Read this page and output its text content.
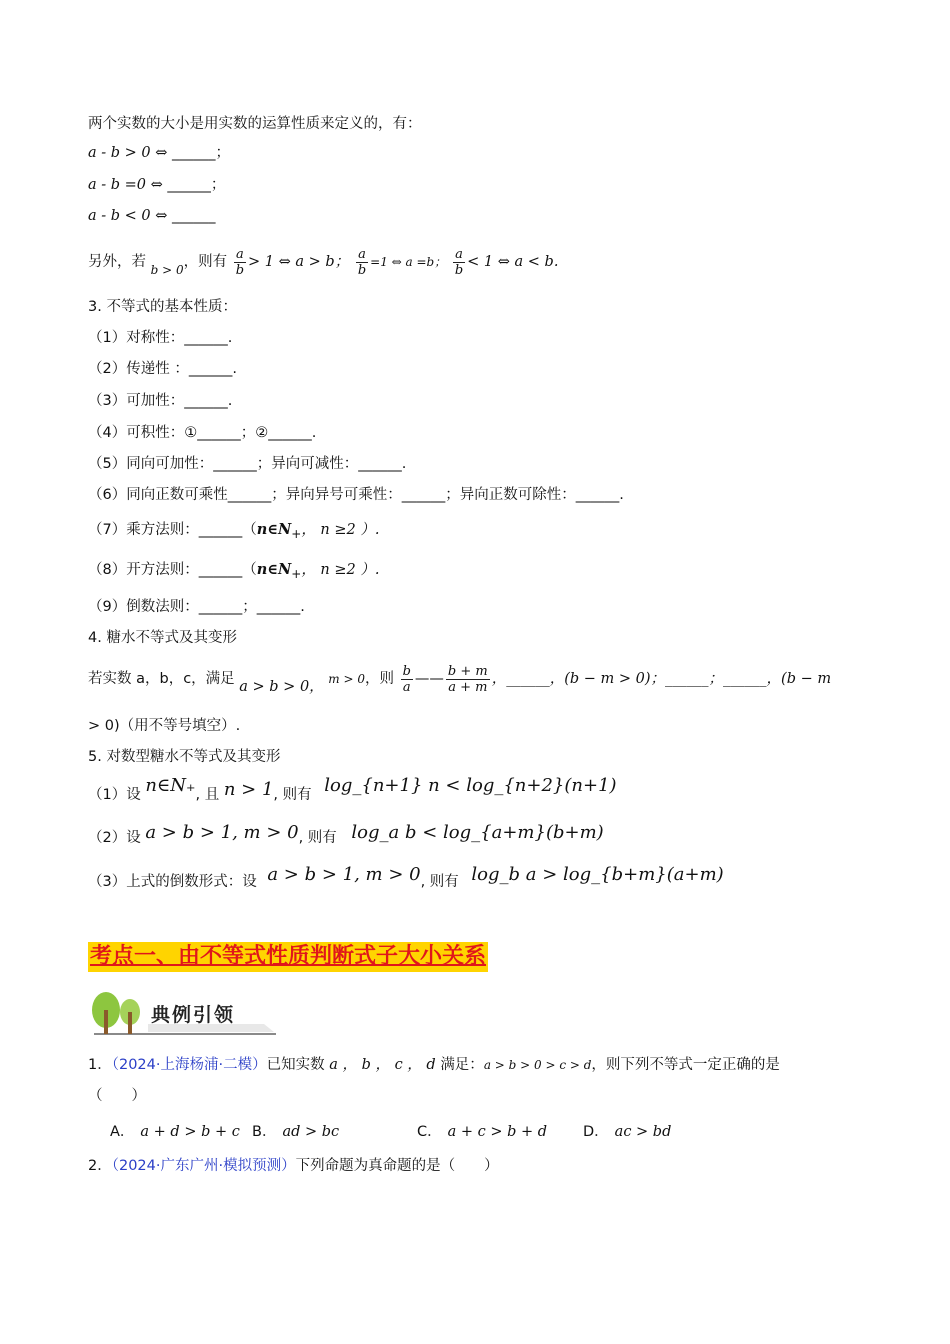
两个实数的大小是用实数的运算性质来定义的，有：
a - b > 0 ⇔ ______；
a - b =0 ⇔ ______；
a - b < 0 ⇔ ______
另外，若 $_{b > 0}$，则有 $\frac{a}{b} > 1$ ⇔ a > b； $\frac{a}{b} =1$ ⇔ a =b； $\frac{a}{b} < 1$ ⇔ a < b.
3. 不等式的基本性质：
（1）对称性：______.
（2）传递性 ：______.
（3）可加性：______.
（4）可积性：①______；②______.
（5）同向可加性：______；异向可减性：______.
（6）同向正数可乘性______；异向异号可乘性：______；异向正数可除性：______.
（7）乘方法则：$\_\_\_\_\_\_(n\in N_+$， n ≥2 ）.
（8）开方法则：$\_\_\_\_\_\_(n\in N_+$， n ≥2 ）.
（9）倒数法则：______；______.
4. 糖水不等式及其变形
若实数 a，b，c，满足 a > b > 0， m > 0，则 $\frac{b}{a}$ —— $\frac{b + m}{a + m}$ ，______，(b − m > 0)；______；______，(b − m
> 0)（用不等号填空）.
5. 对数型糖水不等式及其变形
（1）设 n∈N₊, 且 n > 1, 则有 log_{n+1} n < log_{n+2}(n+1)
（2）设 a > b > 1, m > 0, 则有 log_a b < log_{a+m}(b+m)
（3）上式的倒数形式：设 a > b > 1, m > 0, 则有 log_b a > log_{b+m}(a+m)
考点一、由不等式性质判断式子大小关系
典例引领
1．（2024·上海杨浦·二模）已知实数 a ， b ， c ， d 满足：a > b > 0 > c > d，则下列不等式一定正确的是
（　　）
A． a + d > b + c B． ad > bc	C． a + c > b + d D． ac > bd
2．（2024·广东广州·模拟预测）下列命题为真命题的是（　　）
